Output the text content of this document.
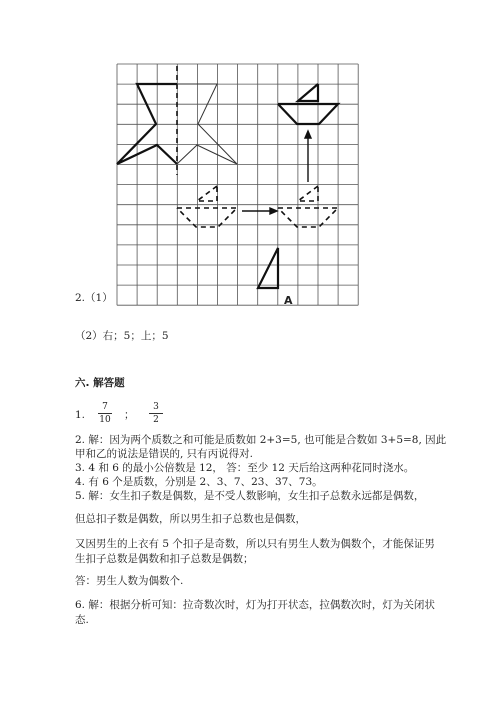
A
2.（1）
（2）右；5；上；5
六. 解答题
1.
7
10 ；
3
2
2. 解：因为两个质数之和可能是质数如 2+3=5, 也可能是合数如 3+5=8, 因此
甲和乙的说法是错误的, 只有丙说得对.
3. 4 和 6 的最小公倍数是 12， 答：至少 12 天后给这两种花同时浇水。
4. 有 6 个是质数，分别是 2、3、7、23、37、73。
5. 解：女生扣子数是偶数，是不受人数影响，女生扣子总数永远都是偶数，
但总扣子数是偶数，所以男生扣子总数也是偶数，
又因男生的上衣有 5 个扣子是奇数，所以只有男生人数为偶数个，才能保证男
生扣子总数是偶数和扣子总数是偶数；
答：男生人数为偶数个.
6. 解：根据分析可知：拉奇数次时，灯为打开状态，拉偶数次时，灯为关闭状
态.
